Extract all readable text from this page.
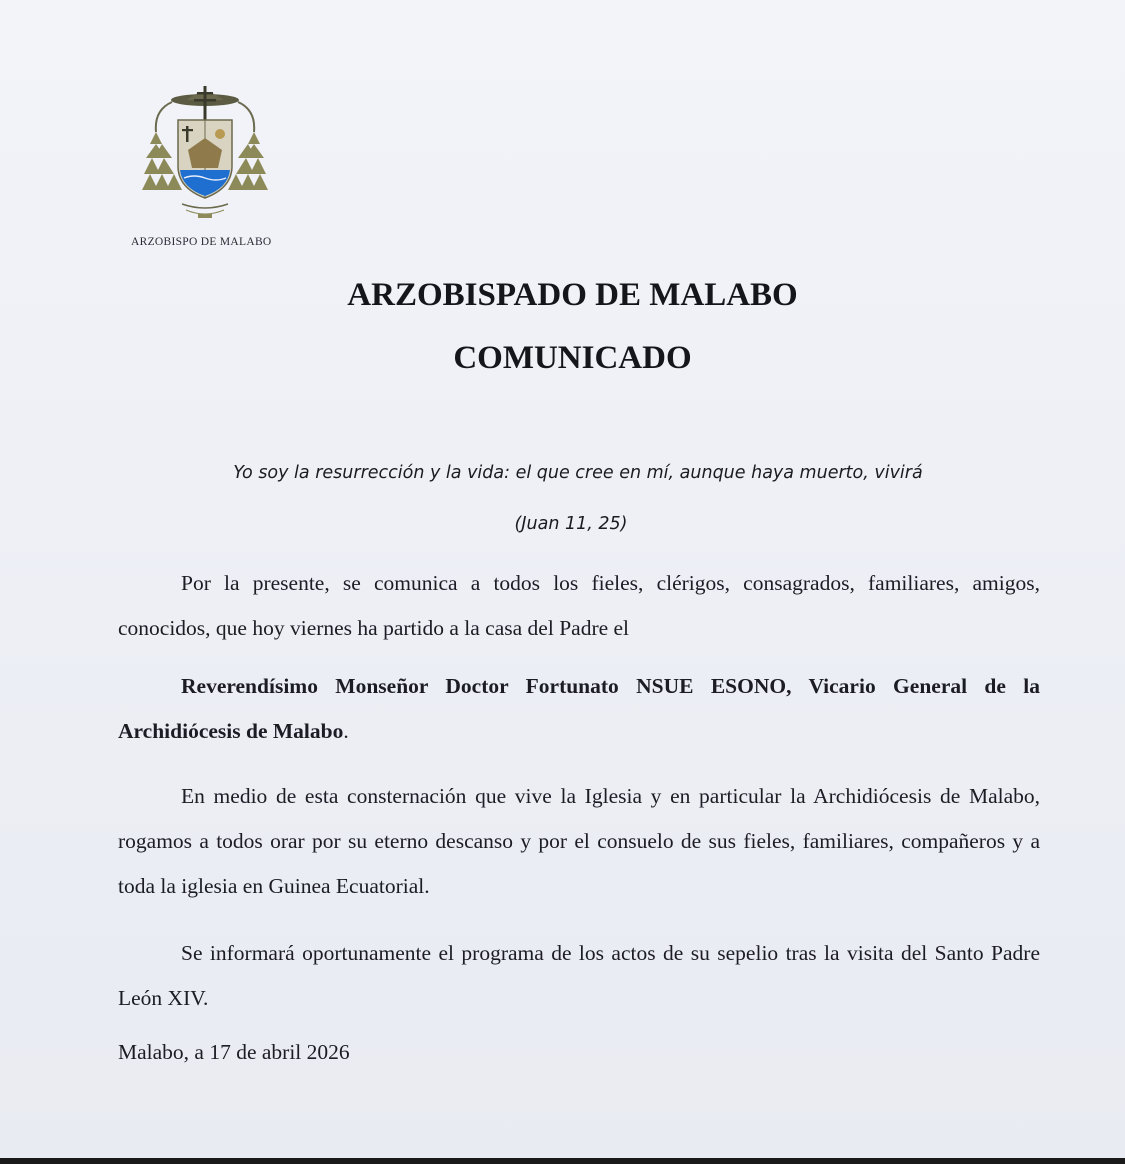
ARZOBISPO DE MALABO
ARZOBISPADO DE MALABO
COMUNICADO
Yo soy la resurrección y la vida: el que cree en mí, aunque haya muerto, vivirá
(Juan 11, 25)
Por la presente, se comunica a todos los fieles, clérigos, consagrados, familiares, amigos, conocidos, que hoy viernes ha partido a la casa del Padre el
Reverendísimo Monseñor Doctor Fortunato NSUE ESONO, Vicario General de la Archidiócesis de Malabo.
En medio de esta consternación que vive la Iglesia y en particular la Archidiócesis de Malabo, rogamos a todos orar por su eterno descanso y por el consuelo de sus fieles, familiares, compañeros y a toda la iglesia en Guinea Ecuatorial.
Se informará oportunamente el programa de los actos de su sepelio tras la visita del Santo Padre León XIV.
Malabo, a 17 de abril 2026
